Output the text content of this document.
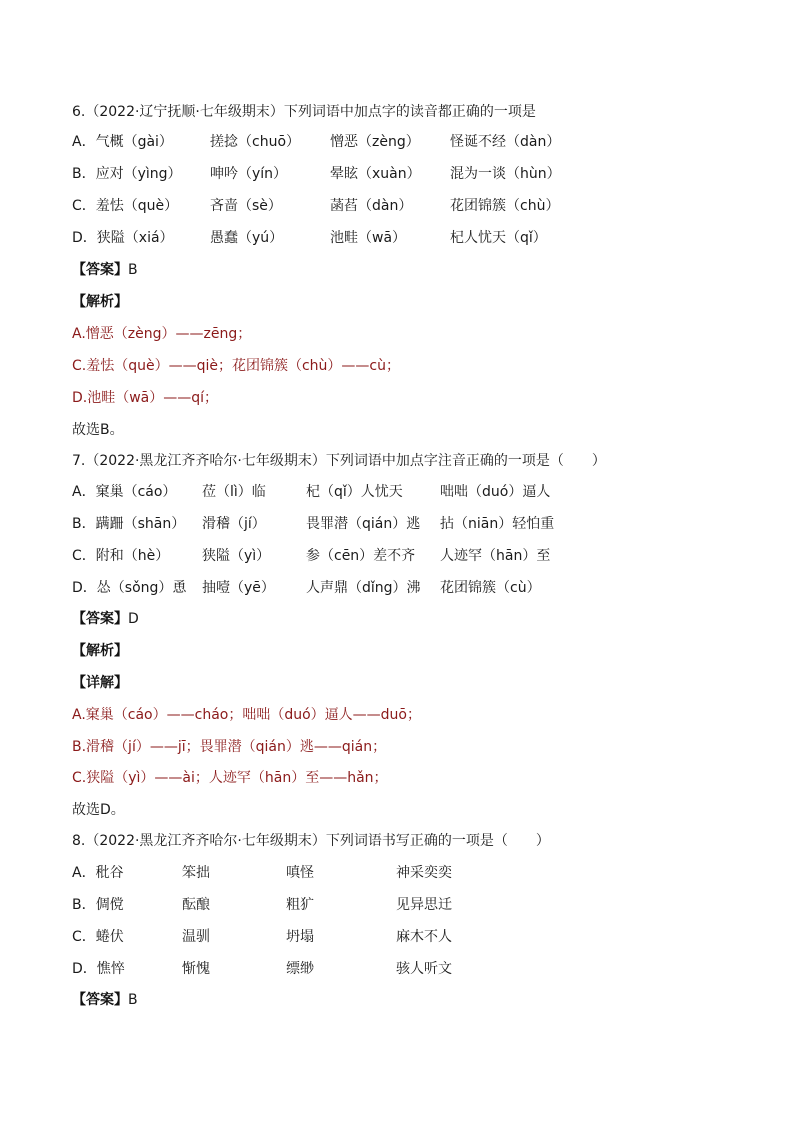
6.（2022·辽宁抚顺·七年级期末）下列词语中加点字的读音都正确的一项是
A．气概（gài）	搓捻（chuō） 憎恶（zèng） 怪诞不经（dàn）
B．应对（yìng） 呻吟（yín）	晕眩（xuàn） 混为一谈（hùn）
C．羞怯（què） 吝啬（sè）	菡萏（dàn）	花团锦簇（chù）
D．狭隘（xiá）	愚蠢（yú）	池畦（wā）	杞人忧天（qǐ）
【答案】B
【解析】
A.憎恶（zèng）——zēng；
C.羞怯（què）——qiè；花团锦簇（chù）——cù；
D.池畦（wā）——qí；
故选B。
7.（2022·黑龙江齐齐哈尔·七年级期末）下列词语中加点字注音正确的一项是（　　）
A．窠巢（cáo） 莅（lì）临	杞（qǐ）人忧天	咄咄（duó）逼人
B．蹒跚（shān） 滑稽（jí）	畏罪潜（qián）逃 拈（niān）轻怕重
C．附和（hè） 狭隘（yì）	参（cēn）差不齐 人迹罕（hān）至
D．怂（sǒng）恿 抽噎（yē） 人声鼎（dǐng）沸 花团锦簇（cù）
【答案】D
【解析】
【详解】
A.窠巢（cáo）——cháo；咄咄（duó）逼人——duō；
B.滑稽（jí）——jī；畏罪潜（qián）逃——qián；
C.狭隘（yì）——ài；人迹罕（hān）至——hǎn；
故选D。
8.（2022·黑龙江齐齐哈尔·七年级期末）下列词语书写正确的一项是（　　）
A．秕谷	笨拙	嗔怪	神采奕奕
B．倜傥	酝酿	粗犷	见异思迁
C．蜷伏	温驯	坍塌	麻木不人
D．憔悴	惭愧	缥缈	骇人听文
【答案】B
